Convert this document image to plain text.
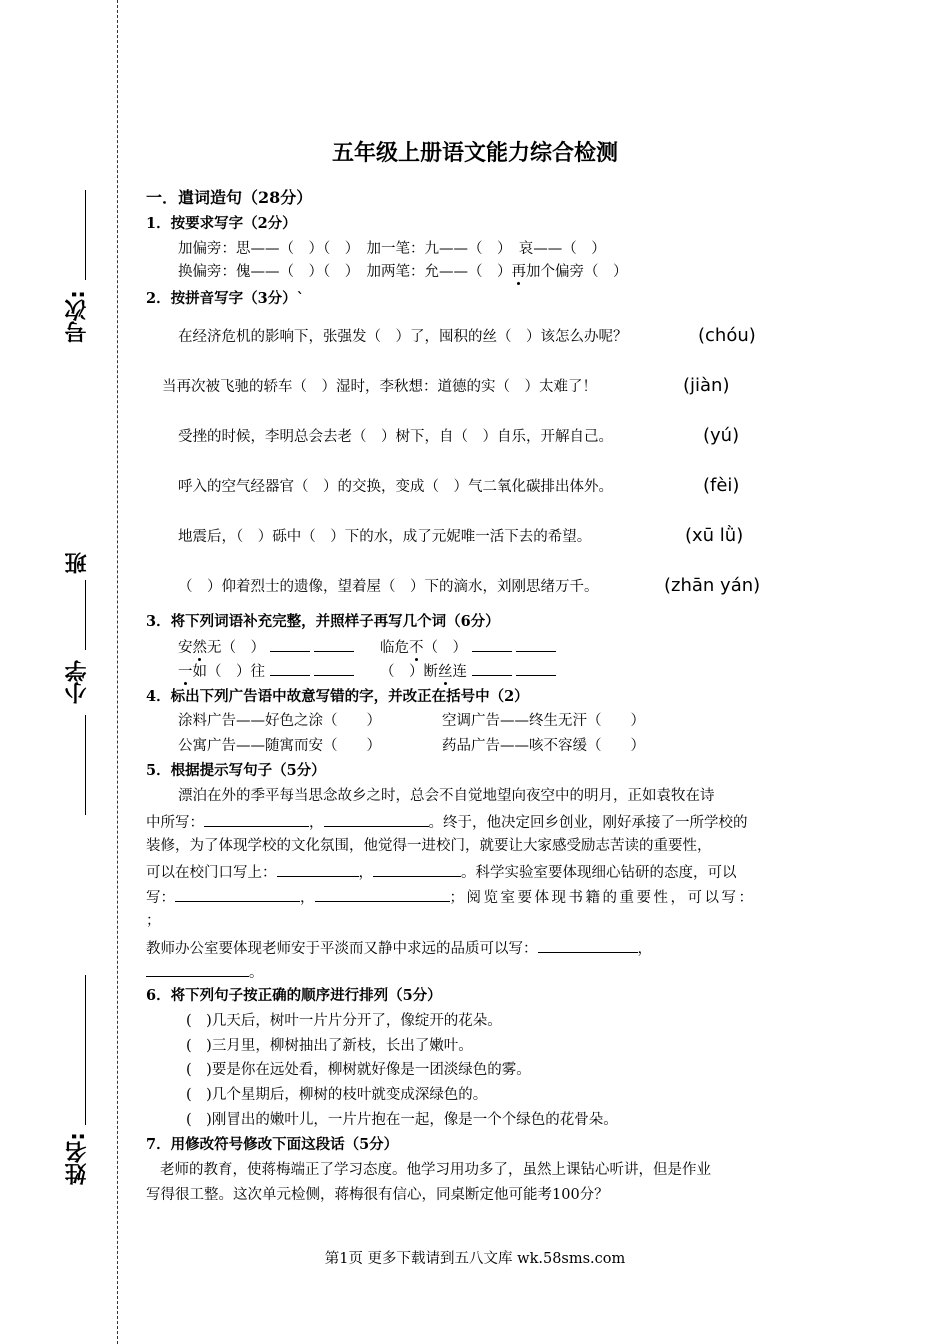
号次:
班
小学
姓名:
五年级上册语文能力综合检测
一．遣词造句（28分）
1．按要求写字（2分）
加偏旁：思——（　）（　）　加一笔：九——（　）　哀——（　）
换偏旁：傀——（　）（　）　加两笔：允——（　）再加个偏旁（　）
2．按拼音写字（3分）`
在经济危机的影响下，张强发（　）了，囤积的丝（　）该怎么办呢？	(chóu)
当再次被飞驰的轿车（　）湿时，李秋想：道德的实（　）太难了！	(jiàn)
受挫的时候，李明总会去老（　）树下，自（　）自乐，开解自己。	(yú)
呼入的空气经器官（　）的交换，变成（　）气二氧化碳排出体外。	(fèi)
地震后，（　）砾中（　）下的水，成了元妮唯一活下去的希望。	(xū lǜ)
（　）仰着烈士的遗像，望着屋（　）下的滴水，刘刚思绪万千。	(zhān yán)
3．将下列词语补充完整，并照样子再写几个词（6分）
安然无（　）	临危不（　）
一如（　）往	（　）断丝连
4．标出下列广告语中故意写错的字，并改正在括号中（2）
涂料广告——好色之涂（　　）	空调广告——终生无汗（　　）
公寓广告——随寓而安（　　）	药品广告——咳不容缓（　　）
5．根据提示写句子（5分）
漂泊在外的季平每当思念故乡之时，总会不自觉地望向夜空中的明月，正如袁牧在诗
中所写：	，	。终于，他决定回乡创业，刚好承接了一所学校的
装修，为了体现学校的文化氛围，他觉得一进校门，就要让大家感受励志苦读的重要性，
可以在校门口写上：	，	。科学实验室要体现细心钻研的态度，可以
写：	，	；阅览室要体现书籍的重要性，可以写：
；
教师办公室要体现老师安于平淡而又静中求远的品质可以写：	，
。
6．将下列句子按正确的顺序进行排列（5分）
(　)几天后，树叶一片片分开了，像绽开的花朵。
(　)三月里，柳树抽出了新枝，长出了嫩叶。
(　)要是你在远处看，柳树就好像是一团淡绿色的雾。
(　)几个星期后，柳树的枝叶就变成深绿色的。
(　)刚冒出的嫩叶儿，一片片抱在一起，像是一个个绿色的花骨朵。
7．用修改符号修改下面这段话（5分）
老师的教育，使蒋梅端正了学习态度。他学习用功多了，虽然上课钻心听讲，但是作业
写得很工整。这次单元检侧，蒋梅很有信心，同桌断定他可能考100分？
第1页 更多下载请到五八文库 wk.58sms.com
